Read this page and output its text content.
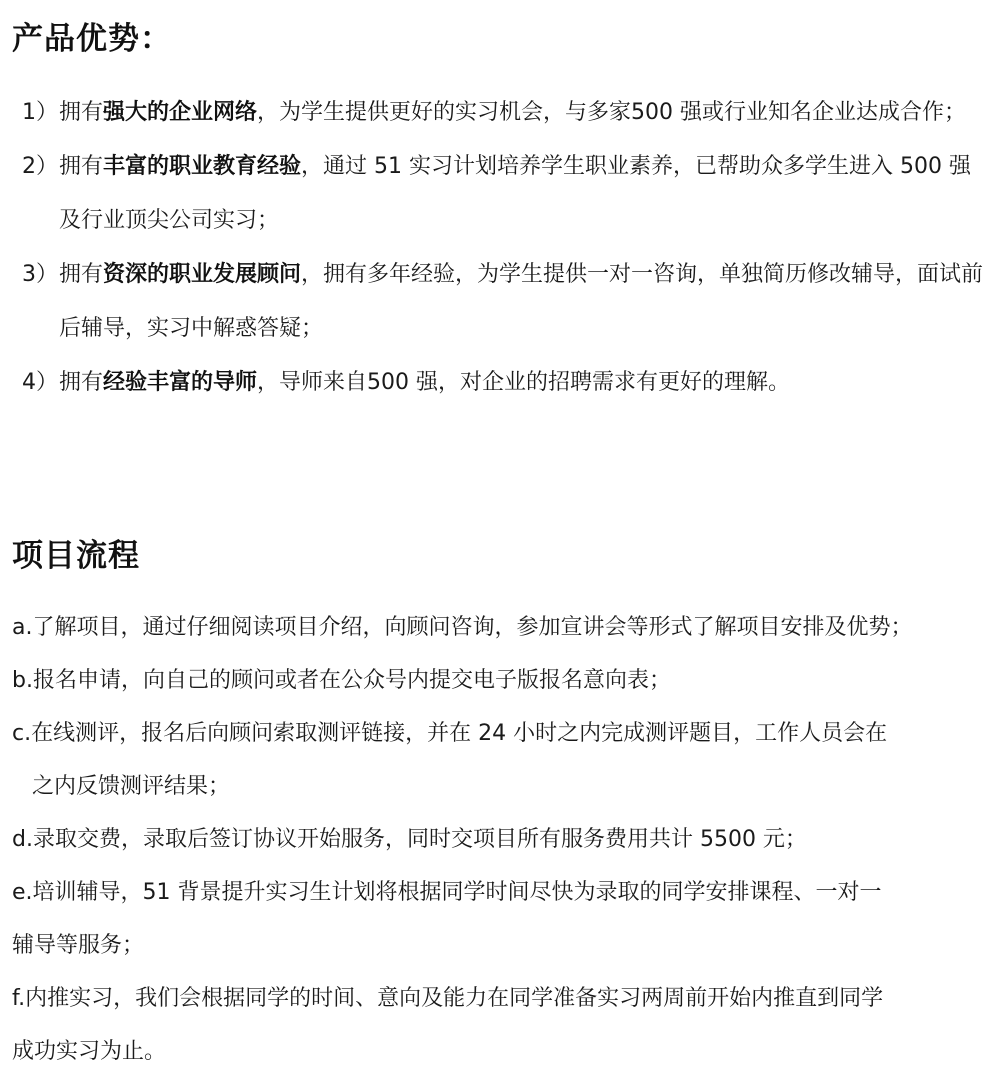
产品优势：
1） 拥有强大的企业网络，为学生提供更好的实习机会，与多家500 强或行业知名企业达成合作；
2） 拥有丰富的职业教育经验，通过 51 实习计划培养学生职业素养，已帮助众多学生进入 500 强及行业顶尖公司实习；
3） 拥有资深的职业发展顾问，拥有多年经验，为学生提供一对一咨询，单独简历修改辅导，面试前后辅导，实习中解惑答疑；
4） 拥有经验丰富的导师，导师来自500 强，对企业的招聘需求有更好的理解。
项目流程
a.了解项目，通过仔细阅读项目介绍，向顾问咨询，参加宣讲会等形式了解项目安排及优势；
b.报名申请，向自己的顾问或者在公众号内提交电子版报名意向表；
c.在线测评，报名后向顾问索取测评链接，并在 24 小时之内完成测评题目，工作人员会在
之内反馈测评结果；
d.录取交费，录取后签订协议开始服务，同时交项目所有服务费用共计 5500 元；
e.培训辅导，51 背景提升实习生计划将根据同学时间尽快为录取的同学安排课程、一对一
辅导等服务；
f.内推实习，我们会根据同学的时间、意向及能力在同学准备实习两周前开始内推直到同学
成功实习为止。
